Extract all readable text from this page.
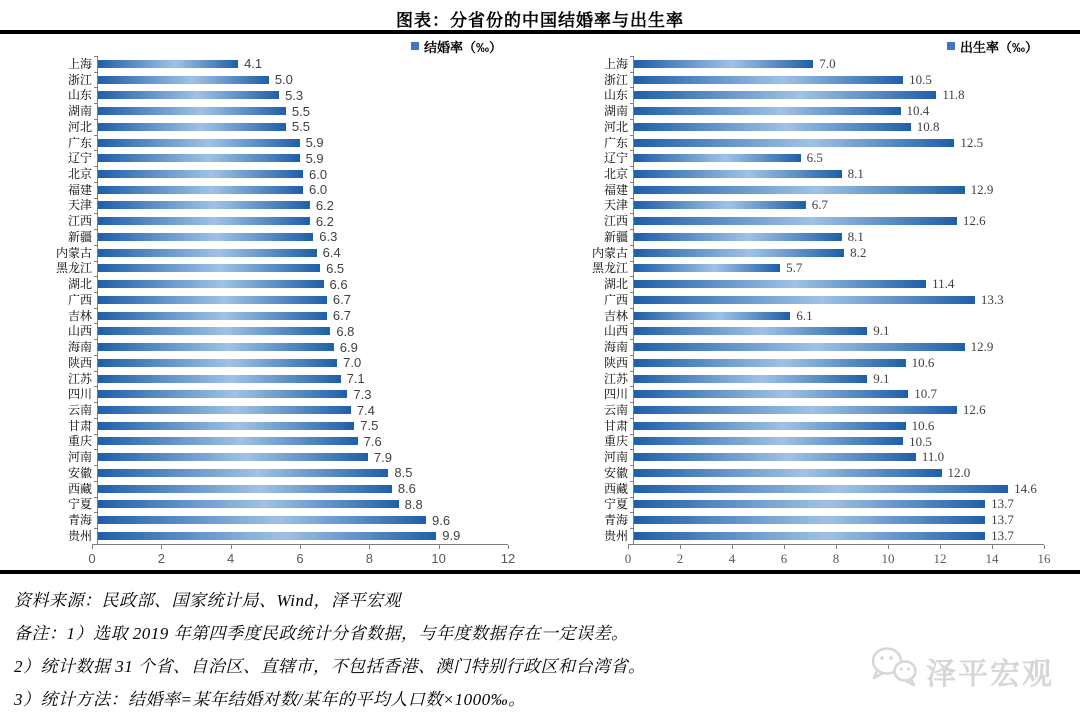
图表：分省份的中国结婚率与出生率
结婚率（‰）
上海	4.1
浙江	5.0
山东	5.3
湖南	5.5
河北	5.5
广东	5.9
辽宁	5.9
北京	6.0
福建	6.0
天津	6.2
江西	6.2
新疆	6.3
内蒙古	6.4
黑龙江	6.5
湖北	6.6
广西	6.7
吉林	6.7
山西	6.8
海南	6.9
陕西	7.0
江苏	7.1
四川	7.3
云南	7.4
甘肃	7.5
重庆	7.6
河南	7.9
安徽	8.5
西藏	8.6
宁夏	8.8
青海	9.6
贵州	9.9
0	2	4	6	8	10	12
出生率（‰）
上海	7.0
浙江	10.5
山东	11.8
湖南	10.4
河北	10.8
广东	12.5
辽宁	6.5
北京	8.1
福建	12.9
天津	6.7
江西	12.6
新疆	8.1
内蒙古	8.2
黑龙江	5.7
湖北	11.4
广西	13.3
吉林	6.1
山西	9.1
海南	12.9
陕西	10.6
江苏	9.1
四川	10.7
云南	12.6
甘肃	10.6
重庆	10.5
河南	11.0
安徽	12.0
西藏	14.6
宁夏	13.7
青海	13.7
贵州	13.7
0	2	4	6	8	10	12	14	16
资料来源：民政部、国家统计局、Wind，泽平宏观
备注：1）选取 2019 年第四季度民政统计分省数据，与年度数据存在一定误差。
2）统计数据 31 个省、自治区、直辖市，不包括香港、澳门特别行政区和台湾省。
3）统计方法：结婚率=某年结婚对数/某年的平均人口数×1000‰。
泽平宏观
